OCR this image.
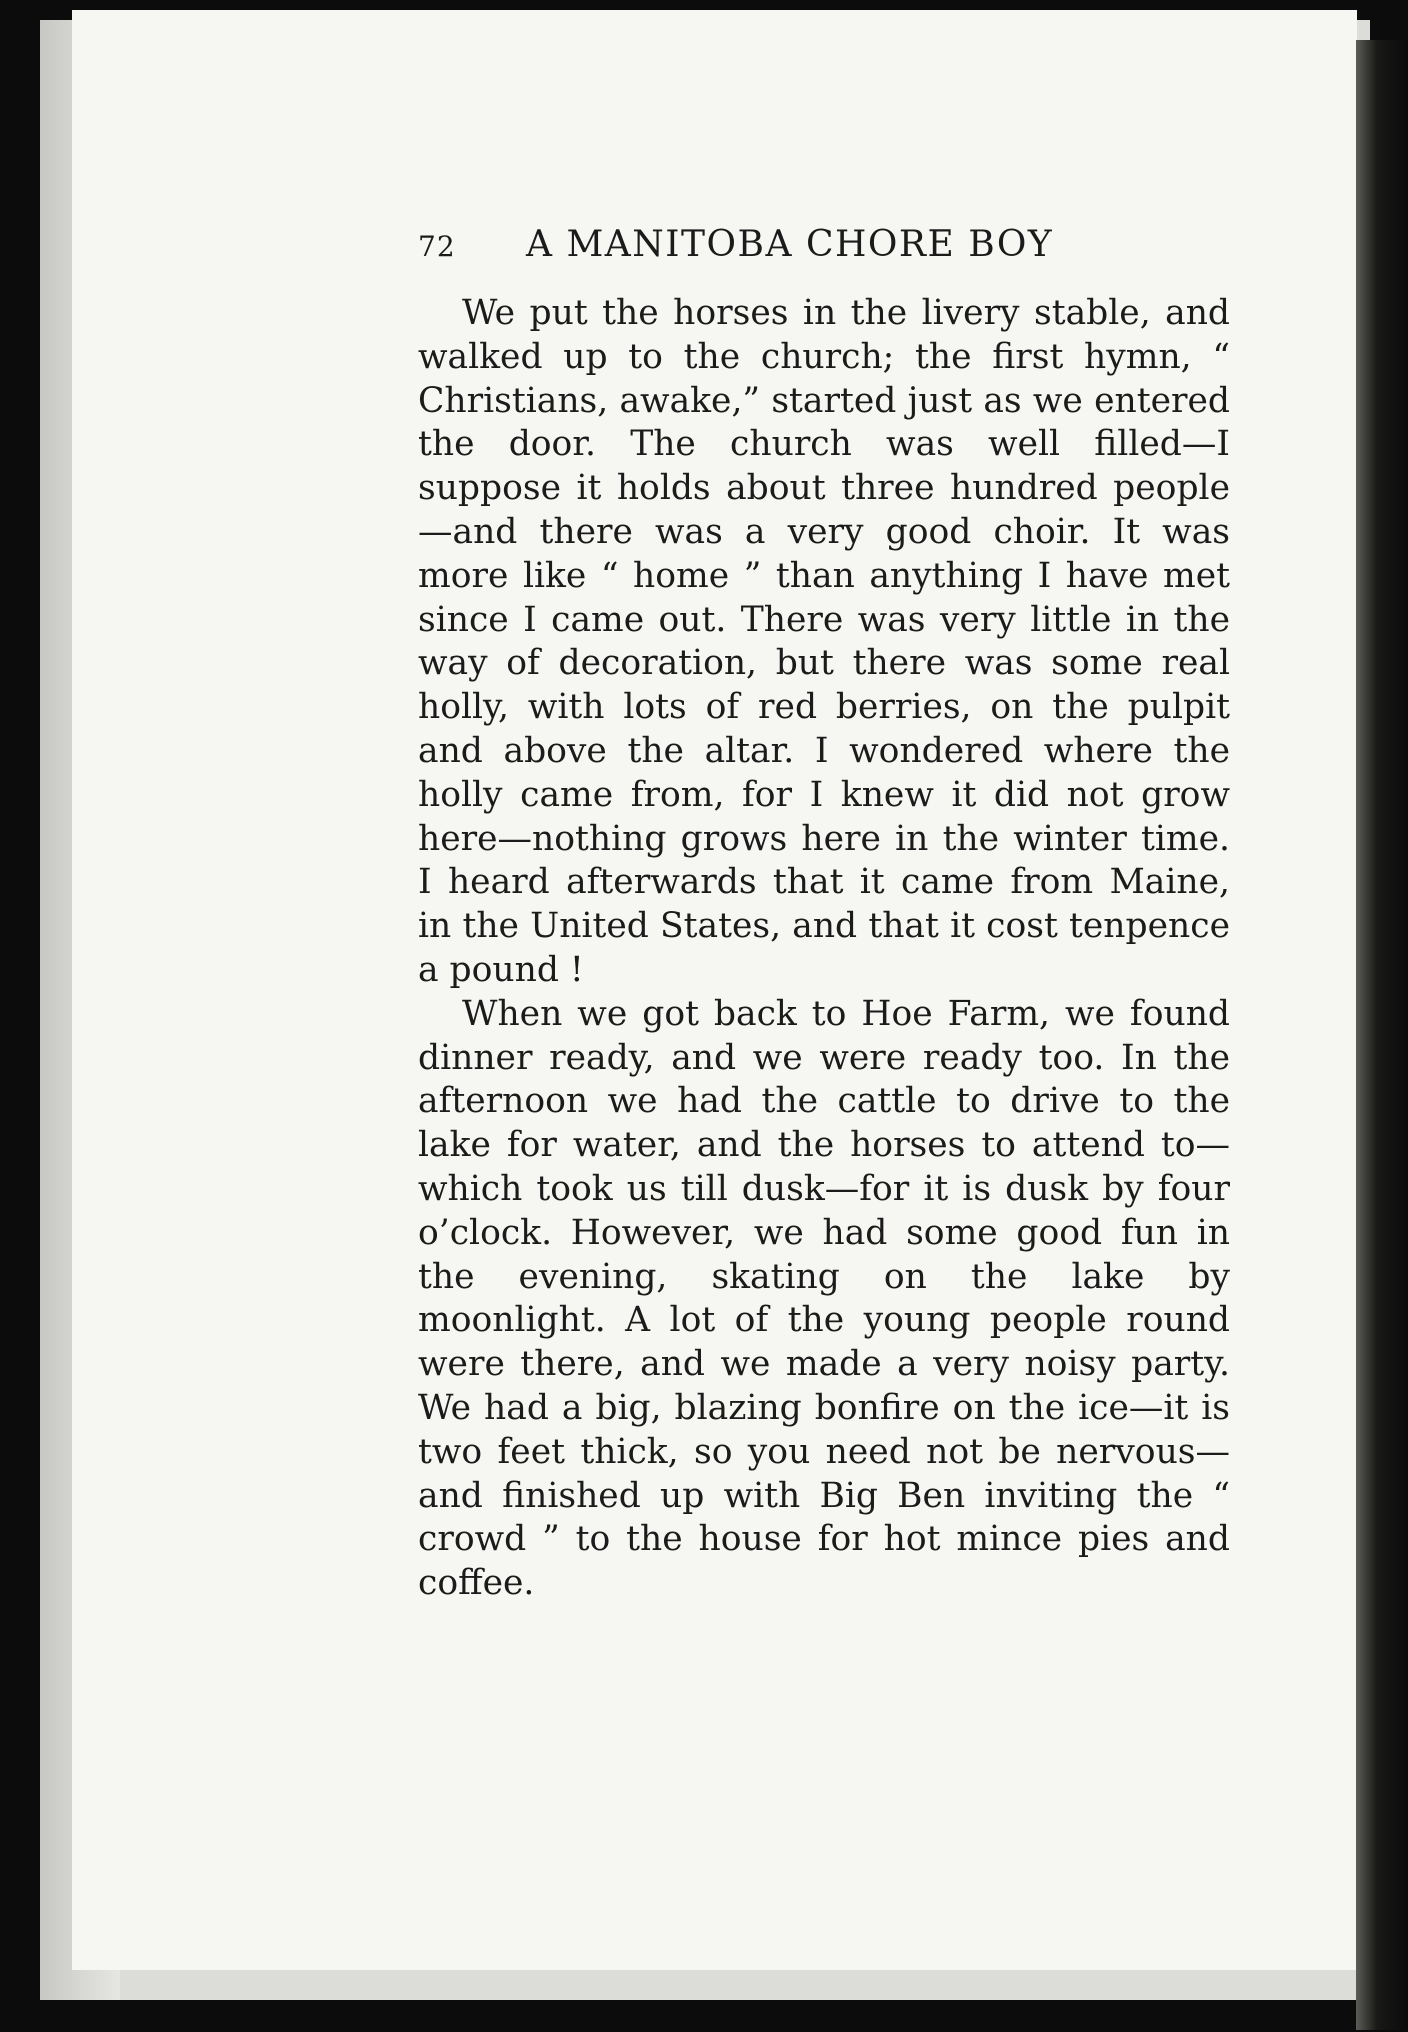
72 A MANITOBA CHORE BOY

We put the horses in the livery stable, and walked up to the church; the first hymn, “ Christians, awake,” started just as we entered the door. The church was well filled—I suppose it holds about three hundred people—and there was a very good choir. It was more like “ home ” than anything I have met since I came out. There was very little in the way of decoration, but there was some real holly, with lots of red berries, on the pulpit and above the altar. I wondered where the holly came from, for I knew it did not grow here—nothing grows here in the winter time. I heard afterwards that it came from Maine, in the United States, and that it cost tenpence a pound !

When we got back to Hoe Farm, we found dinner ready, and we were ready too. In the afternoon we had the cattle to drive to the lake for water, and the horses to attend to—which took us till dusk—for it is dusk by four o’clock. However, we had some good fun in the evening, skating on the lake by moonlight. A lot of the young people round were there, and we made a very noisy party. We had a big, blazing bonfire on the ice—it is two feet thick, so you need not be nervous—and finished up with Big Ben inviting the “ crowd ” to the house for hot mince pies and coffee.
